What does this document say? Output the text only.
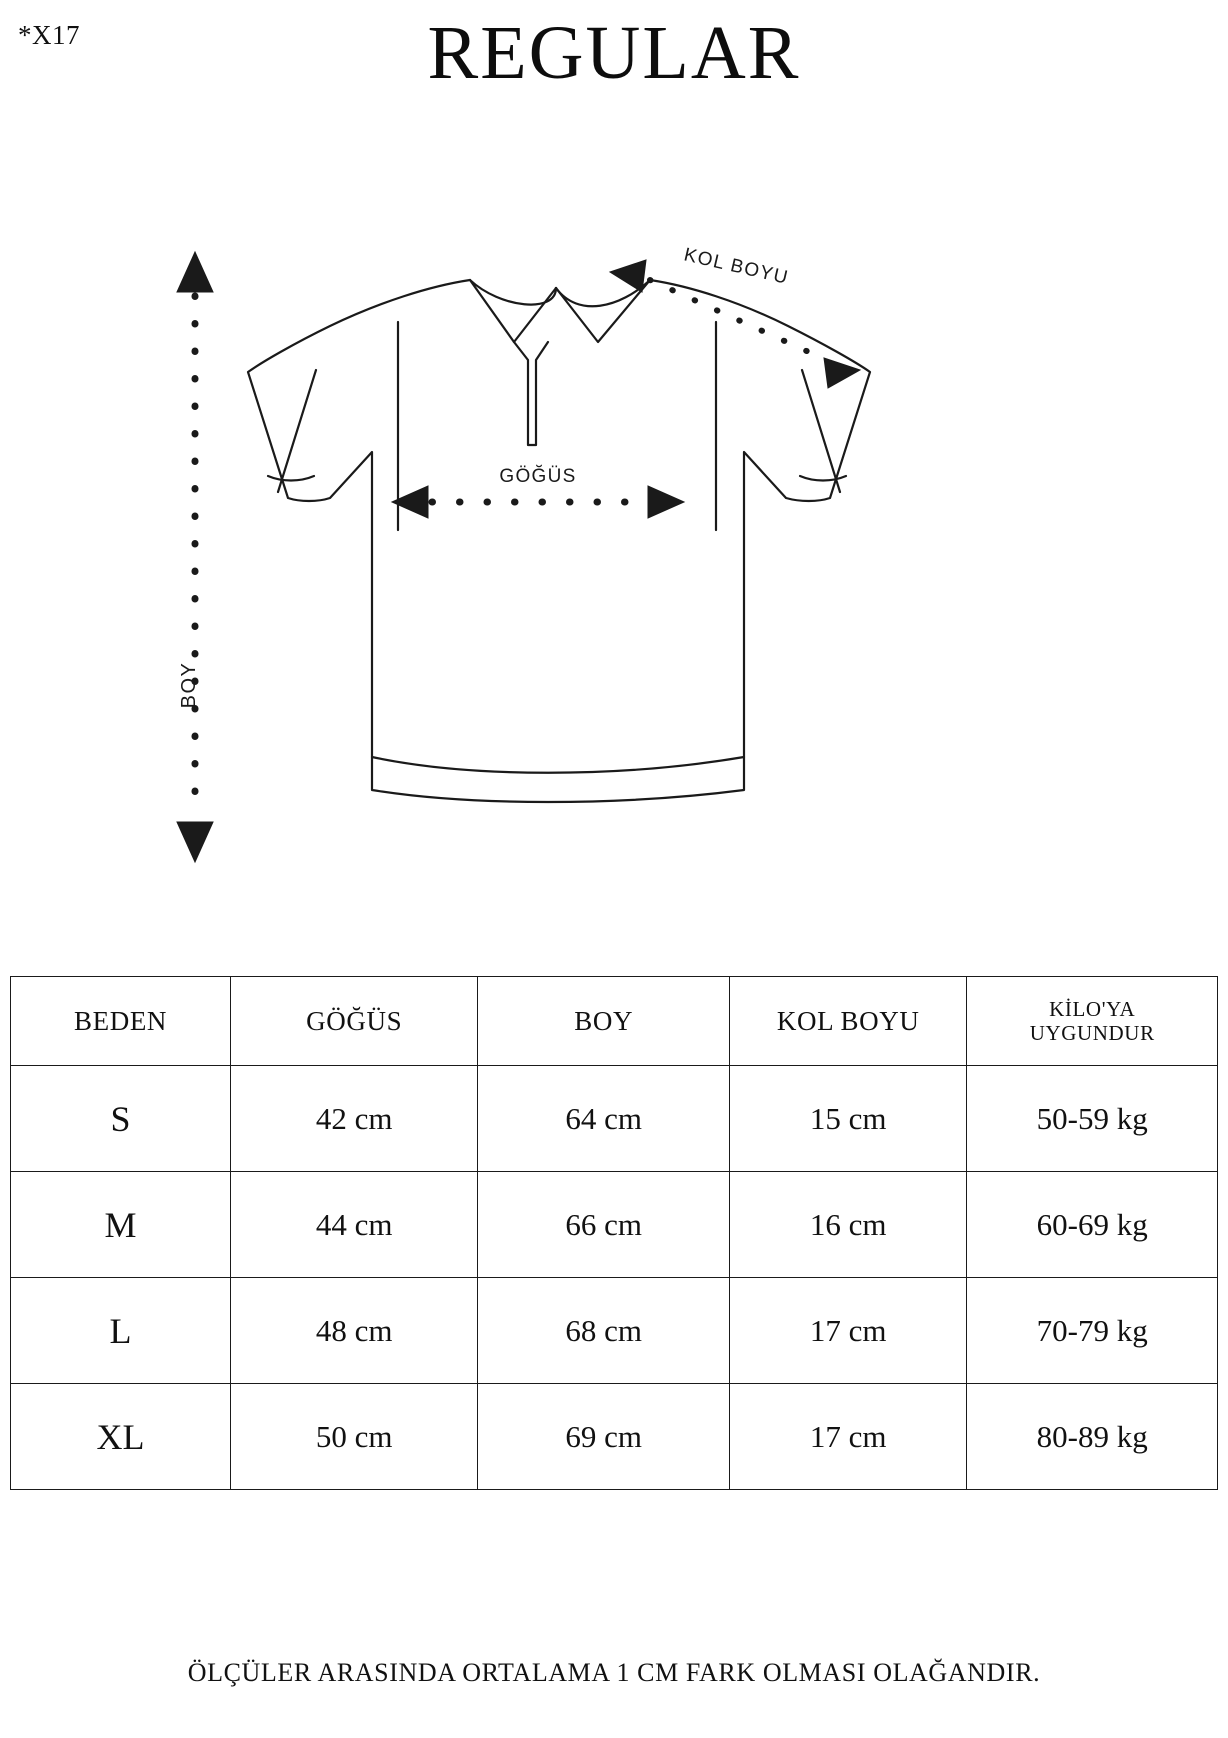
*X17	REGULAR
BOY
GÖĞÜS
KOL BOYU
BEDEN	GÖĞÜS	BOY	KOL BOYU	KİLO'YA
UYGUNDUR

S	42 cm	64 cm	15 cm	50-59 kg
M	44 cm	66 cm	16 cm	60-69 kg
L	48 cm	68 cm	17 cm	70-79 kg
XL	50 cm	69 cm	17 cm	80-89 kg
ÖLÇÜLER ARASINDA ORTALAMA 1 CM FARK OLMASI OLAĞANDIR.
